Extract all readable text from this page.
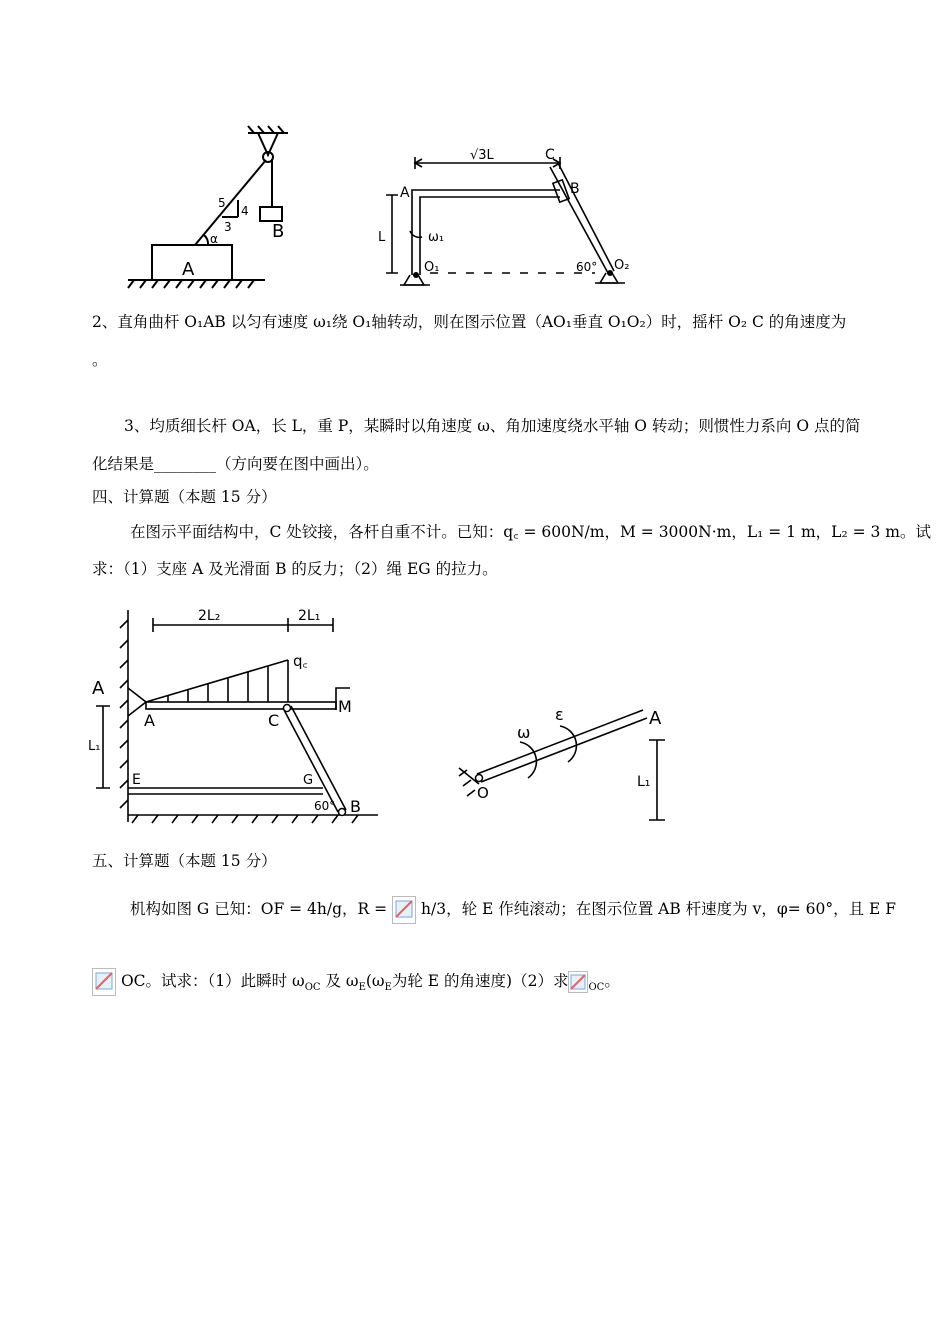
A
B
5
4
3
α
√3L	C
A	B
L	ω₁
O₁	O₂
60°
2、直角曲杆 O₁AB 以匀有速度 ω₁绕 O₁轴转动，则在图示位置（AO₁垂直 O₁O₂）时，摇杆 O₂ C 的角速度为
。
3、均质细长杆 OA，长 L，重 P，某瞬时以角速度 ω、角加速度绕水平轴 O 转动；则惯性力系向 O 点的简
化结果是________（方向要在图中画出）。
四、计算题（本题 15 分）
在图示平面结构中，C 处铰接，各杆自重不计。已知：q꜀ = 600N/m，M = 3000N·m，L₁ = 1 m，L₂ = 3 m。试
求：（1）支座 A 及光滑面 B 的反力；（2）绳 EG 的拉力。
2L₂	2L₁
q꜀
A
A	C
M
L₁
E	G
60° B
ω
ε	A
O
L₁
五、计算题（本题 15 分）
机构如图 G 已知：OF = 4h/g，R = h/3，轮 E 作纯滚动；在图示位置 AB 杆速度为 v，φ= 60°，且 E F
OC。试求：（1）此瞬时 $\omega_{OC}$ 及 $\omega_E(\omega_E$为轮 E 的角速度)（2）求 $_{OC}$。
